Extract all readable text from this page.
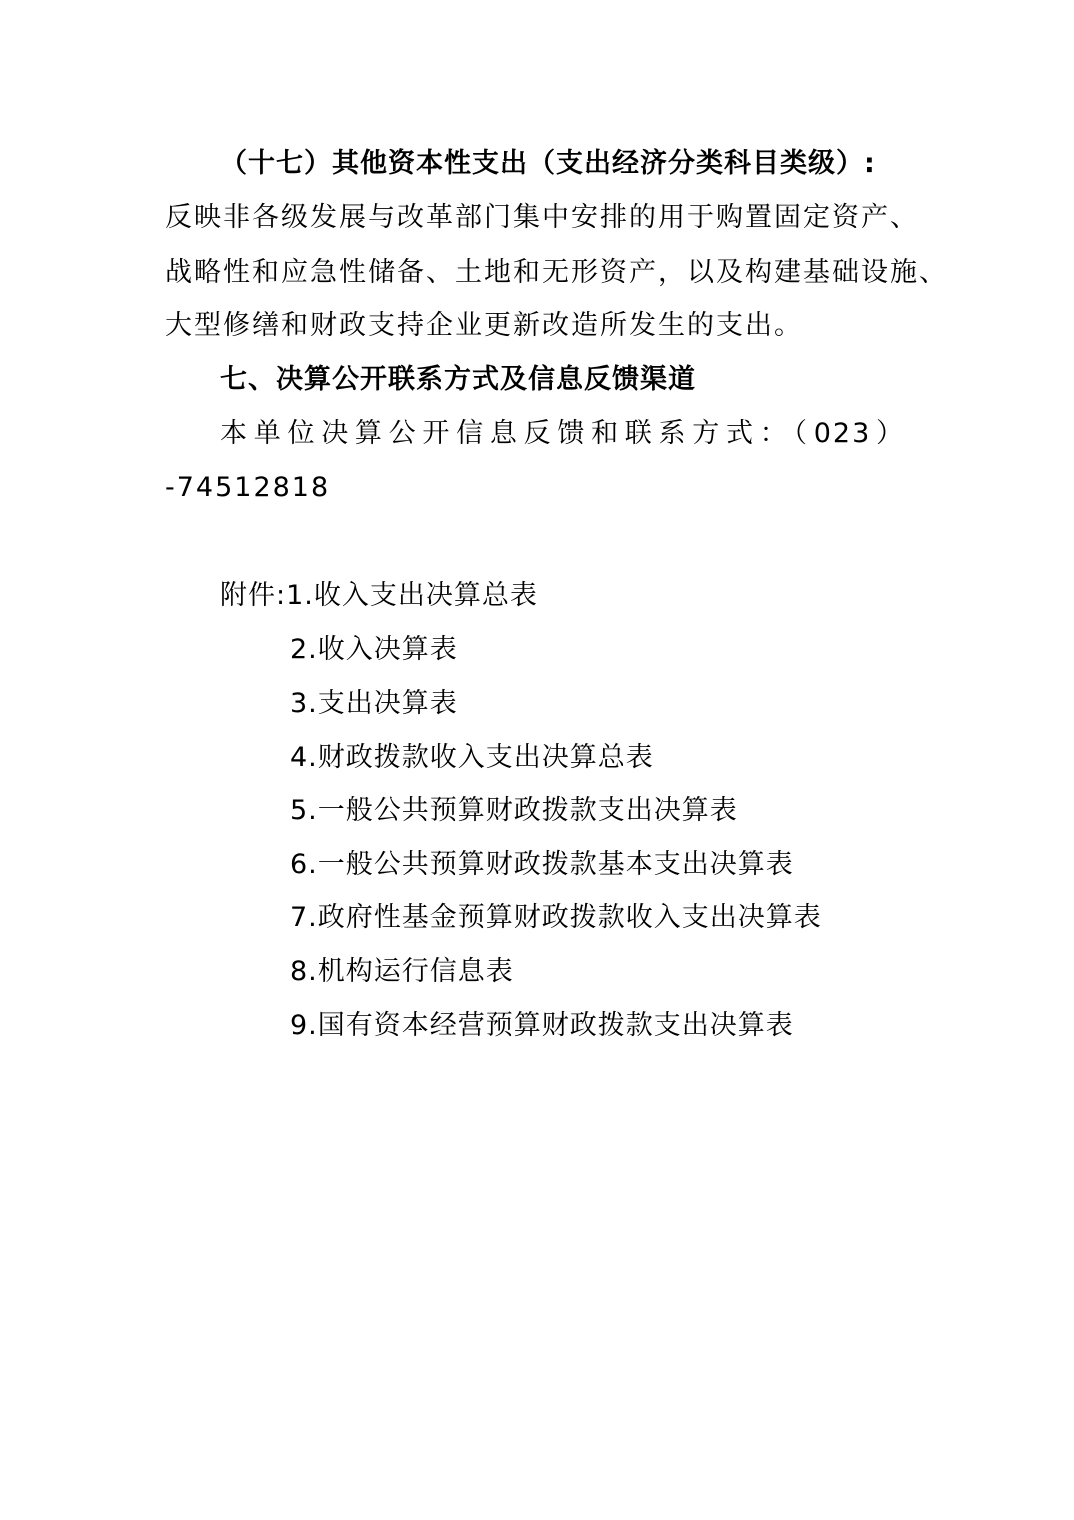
（十七）其他资本性支出（支出经济分类科目类级）:
反映非各级发展与改革部门集中安排的用于购置固定资产、
战略性和应急性储备、土地和无形资产，以及构建基础设施、
大型修缮和财政支持企业更新改造所发生的支出。
七、决算公开联系方式及信息反馈渠道
本单位决算公开信息反馈和联系方式：（023）
-74512818
附件:1.收入支出决算总表
2.收入决算表
3.支出决算表
4.财政拨款收入支出决算总表
5.一般公共预算财政拨款支出决算表
6.一般公共预算财政拨款基本支出决算表
7.政府性基金预算财政拨款收入支出决算表
8.机构运行信息表
9.国有资本经营预算财政拨款支出决算表
